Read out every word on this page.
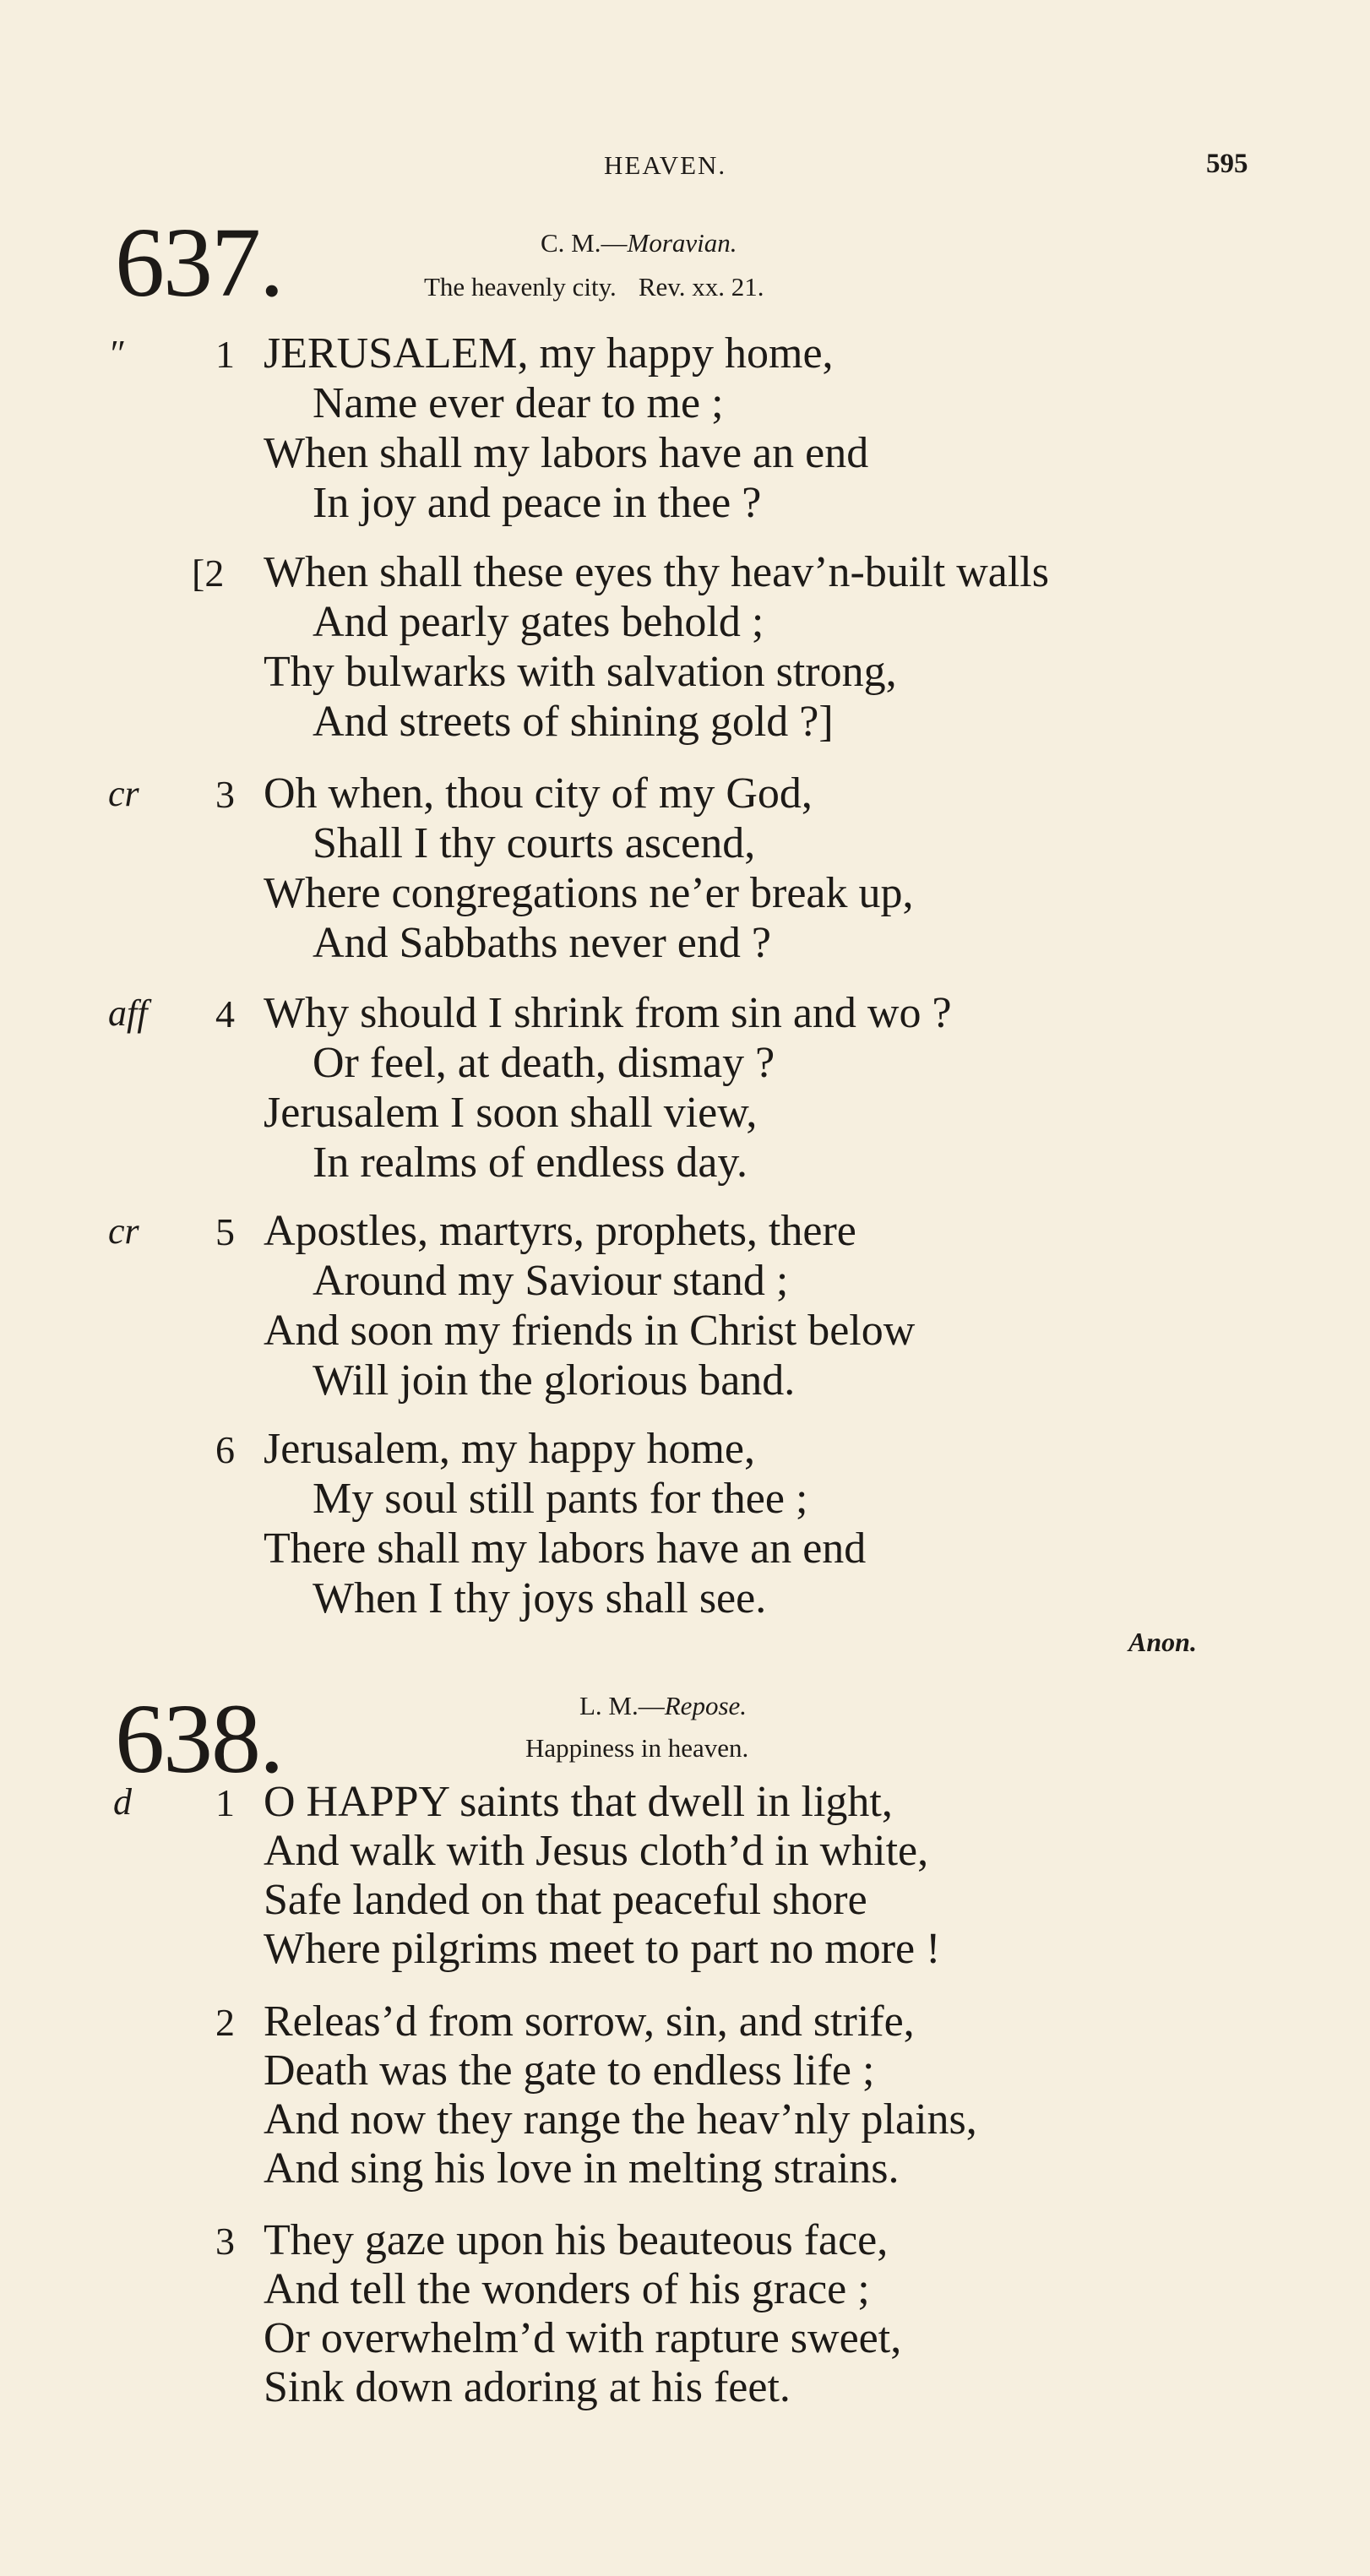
HEAVEN.	595
637.	C. M.—Moravian.
The heavenly city. Rev. xx. 21.
″ 1 JERUSALEM, my happy home,
Name ever dear to me ;
When shall my labors have an end
In joy and peace in thee ?
[2 When shall these eyes thy heav’n-built walls
And pearly gates behold ;
Thy bulwarks with salvation strong,
And streets of shining gold ?]
cr 3 Oh when, thou city of my God,
Shall I thy courts ascend,
Where congregations ne’er break up,
And Sabbaths never end ?
aff 4 Why should I shrink from sin and wo ?
Or feel, at death, dismay ?
Jerusalem I soon shall view,
In realms of endless day.
cr 5 Apostles, martyrs, prophets, there
Around my Saviour stand ;
And soon my friends in Christ below
Will join the glorious band.
6 Jerusalem, my happy home,
My soul still pants for thee ;
There shall my labors have an end
When I thy joys shall see.
Anon.
638.	L. M.—Repose.
Happiness in heaven.
d 1 O HAPPY saints that dwell in light,
And walk with Jesus cloth’d in white,
Safe landed on that peaceful shore
Where pilgrims meet to part no more !
2 Releas’d from sorrow, sin, and strife,
Death was the gate to endless life ;
And now they range the heav’nly plains,
And sing his love in melting strains.
3 They gaze upon his beauteous face,
And tell the wonders of his grace ;
Or overwhelm’d with rapture sweet,
Sink down adoring at his feet.
